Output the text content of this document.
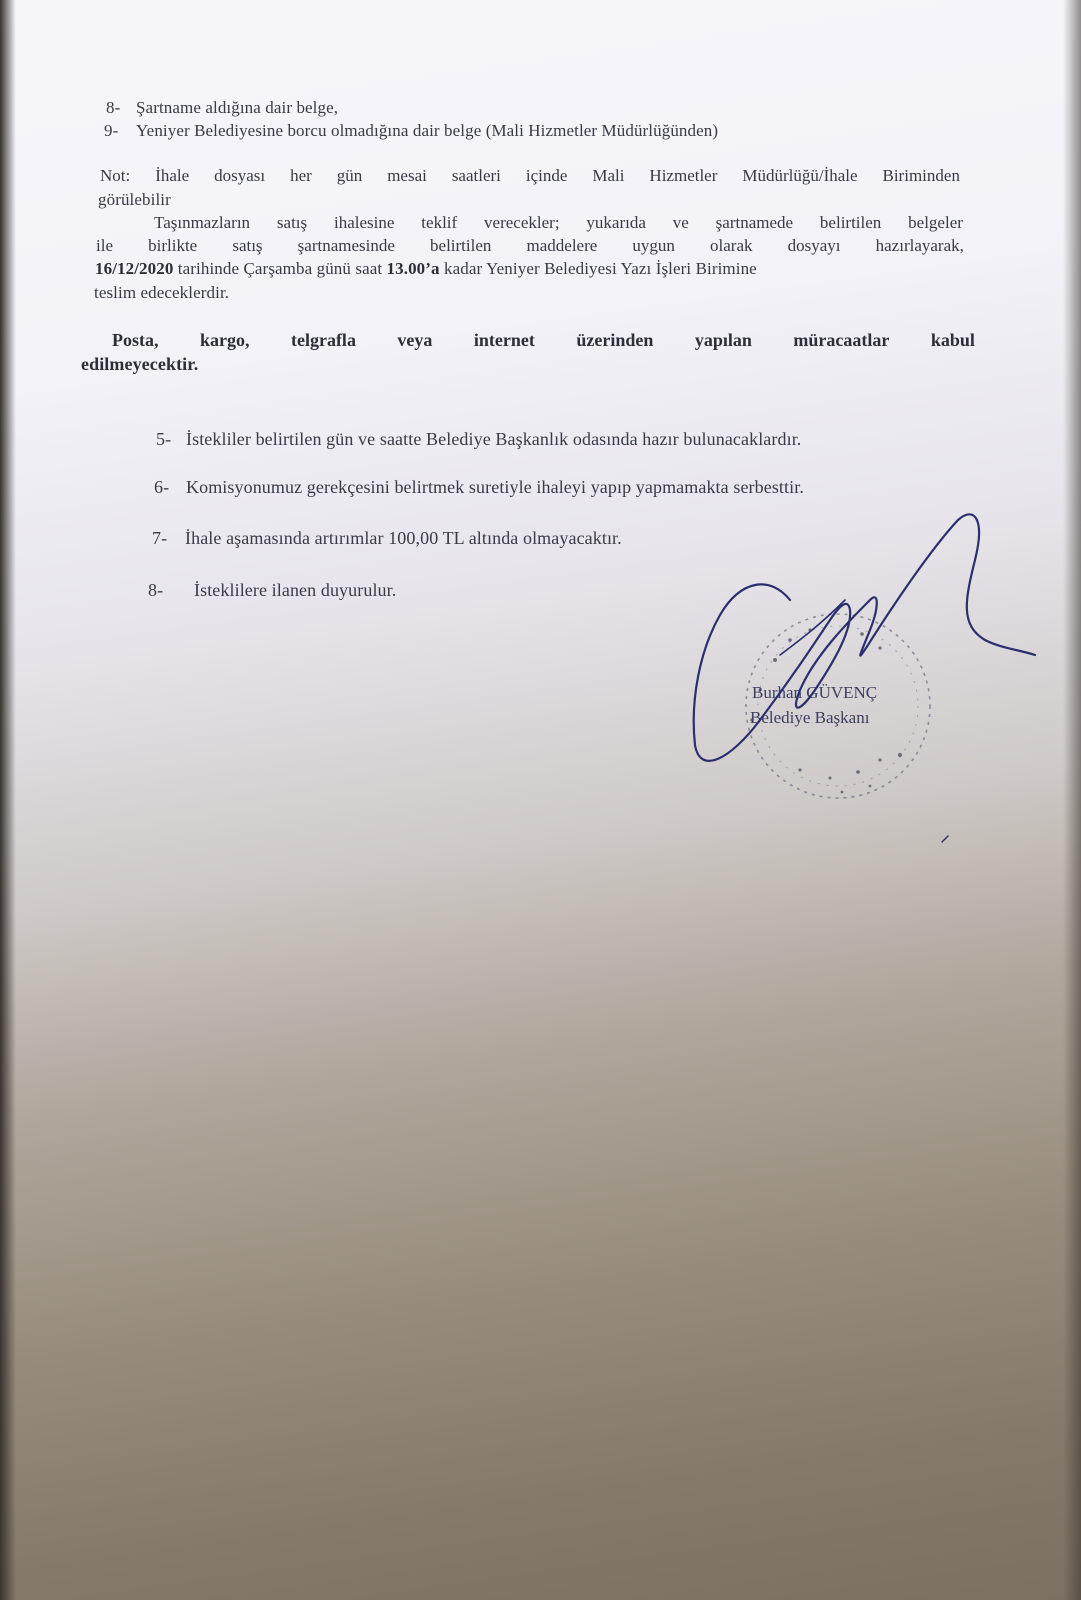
8- Şartname aldığına dair belge,
9- Yeniyer Belediyesine borcu olmadığına dair belge (Mali Hizmetler Müdürlüğünden)
Not: İhale dosyası her gün mesai saatleri içinde Mali Hizmetler Müdürlüğü/İhale Biriminden
görülebilir
Taşınmazların satış ihalesine teklif verecekler; yukarıda ve şartnamede belirtilen belgeler
ile birlikte satış şartnamesinde belirtilen maddelere uygun olarak dosyayı hazırlayarak,
16/12/2020 tarihinde Çarşamba günü saat 13.00’a kadar Yeniyer Belediyesi Yazı İşleri Birimine
teslim edeceklerdir.
Posta, kargo, telgrafla veya internet üzerinden yapılan müracaatlar kabul
edilmeyecektir.
5- İstekliler belirtilen gün ve saatte Belediye Başkanlık odasında hazır bulunacaklardır.
6- Komisyonumuz gerekçesini belirtmek suretiyle ihaleyi yapıp yapmamakta serbesttir.
7- İhale aşamasında artırımlar 100,00 TL altında olmayacaktır.
8- İsteklilere ilanen duyurulur.
Burhan GÜVENÇ
Belediye Başkanı
